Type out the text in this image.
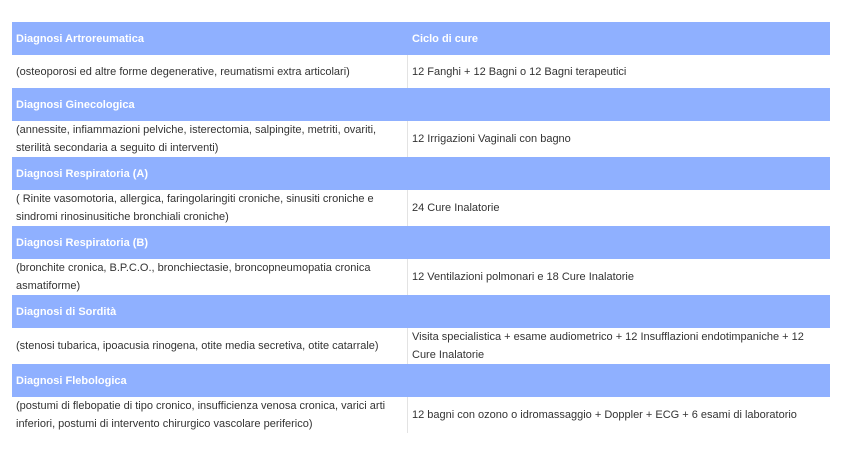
Diagnosi Artroreumatica	Ciclo di cure
(osteoporosi ed altre forme degenerative, reumatismi extra articolari)	12 Fanghi + 12 Bagni o 12 Bagni terapeutici
Diagnosi Ginecologica
(annessite, infiammazioni pelviche, isterectomia, salpingite, metriti, ovariti, sterilità secondaria a seguito di interventi)
12 Irrigazioni Vaginali con bagno
Diagnosi Respiratoria (A)
( Rinite vasomotoria, allergica, faringolaringiti croniche, sinusiti croniche e sindromi rinosinusitiche bronchiali croniche)
24 Cure Inalatorie
Diagnosi Respiratoria (B)
(bronchite cronica, B.P.C.O., bronchiectasie, broncopneumopatia cronica asmatiforme)
12 Ventilazioni polmonari e 18 Cure Inalatorie
Diagnosi di Sordità
(stenosi tubarica, ipoacusia rinogena, otite media secretiva, otite catarrale)
Visita specialistica + esame audiometrico + 12 Insufflazioni endotimpaniche + 12 Cure Inalatorie
Diagnosi Flebologica
(postumi di flebopatie di tipo cronico, insufficienza venosa cronica, varici arti inferiori, postumi di intervento chirurgico vascolare periferico)
12 bagni con ozono o idromassaggio + Doppler + ECG + 6 esami di laboratorio
